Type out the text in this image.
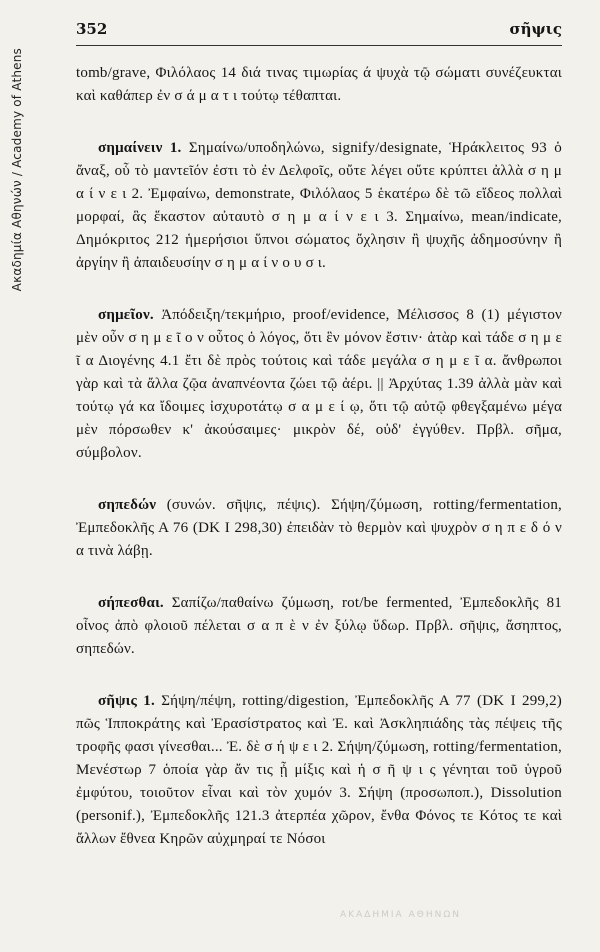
Ακαδημία Αθηνών / Academy of Athens
352	σῆψις

tomb/grave, Φιλόλαος 14 διά τινας τιμωρίας ά ψυχὰ τῷ σώματι συνέζευκται καὶ καθάπερ ἐν σ ά μ α τ ι τούτῳ τέθαπται.

σημαίνειν 1. Σημαίνω/υποδηλώνω, signify/designate, Ἡράκλειτος 93 ὁ ἄναξ, οὗ τὸ μαντεῖόν ἐστι τὸ ἐν Δελφοῖς, οὔτε λέγει οὔτε κρύπτει ἀλλὰ σ η μ α ί ν ε ι 2. Ἐμφαίνω, demonstrate, Φιλόλαος 5 ἑκατέρω δὲ τῶ εἴδεος πολλαὶ μορφαί, ἃς ἕκαστον αὐταυτὸ σ η μ α ί ν ε ι 3. Σημαίνω, mean/indicate, Δημόκριτος 212 ἡμερήσιοι ὕπνοι σώματος ὄχλησιν ἢ ψυχῆς ἀδημοσύνην ἢ ἀργίην ἢ ἀπαιδευσίην σ η μ α ί ν ο υ σ ι.

σημεῖον. Ἀπόδειξη/τεκμήριο, proof/evidence, Μέλισσος 8 (1) μέγιστον μὲν οὖν σ η μ ε ῖ ο ν οὗτος ὁ λόγος, ὅτι ἓν μόνον ἔστιν· ἀτὰρ καὶ τάδε σ η μ ε ῖ α Διογένης 4.1 ἔτι δὲ πρὸς τούτοις καὶ τάδε μεγάλα σ η μ ε ῖ α. ἄνθρωποι γὰρ καὶ τὰ ἄλλα ζῷα ἀναπνέοντα ζώει τῷ ἀέρι. || Ἀρχύτας 1.39 ἀλλὰ μὰν καὶ τούτῳ γά κα ἴδοιμες ἰσχυροτάτῳ σ α μ ε ί ῳ, ὅτι τῷ αὐτῷ φθεγξαμένω μέγα μὲν πόρσωθεν κ' ἀκούσαιμες· μικρὸν δέ, οὐδ' ἐγγύθεν. Πρβλ. σῆμα, σύμβολον.

σηπεδών (συνών. σῆψις, πέψις). Σήψη/ζύμωση, rotting/fermentation, Ἐμπεδοκλῆς Α 76 (DK I 298,30) ἐπειδὰν τὸ θερμὸν καὶ ψυχρὸν σ η π ε δ ό ν α τινὰ λάβῃ.

σήπεσθαι. Σαπίζω/παθαίνω ζύμωση, rot/be fermented, Ἐμπεδοκλῆς 81 οἶνος ἀπὸ φλοιοῦ πέλεται σ α π ὲ ν ἐν ξύλῳ ὕδωρ. Πρβλ. σῆψις, ἄσηπτος, σηπεδών.

σῆψις 1. Σήψη/πέψη, rotting/digestion, Ἐμπεδοκλῆς Α 77 (DK I 299,2) πῶς Ἱπποκράτης καὶ Ἐρασίστρατος καὶ Ἐ. καὶ Ἀσκληπιάδης τὰς πέψεις τῆς τροφῆς φασι γίνεσθαι... Ἐ. δὲ σ ή ψ ε ι 2. Σήψη/ζύμωση, rotting/fermentation, Μενέστωρ 7 ὁποία γὰρ ἄν τις ᾖ μίξις καὶ ἡ σ ῆ ψ ι ς γένηται τοῦ ὑγροῦ ἐμφύτου, τοιοῦτον εἶναι καὶ τὸν χυμόν 3. Σήψη (προσωποπ.), Dissolution (personif.), Ἐμπεδοκλῆς 121.3 ἀτερπέα χῶρον, ἔνθα Φόνος τε Κότος τε καὶ ἄλλων ἔθνεα Κηρῶν αὐχμηραί τε Νόσοι

ΑΚΑΔΗΜΙΑ ΑΘΗΝΩΝ
